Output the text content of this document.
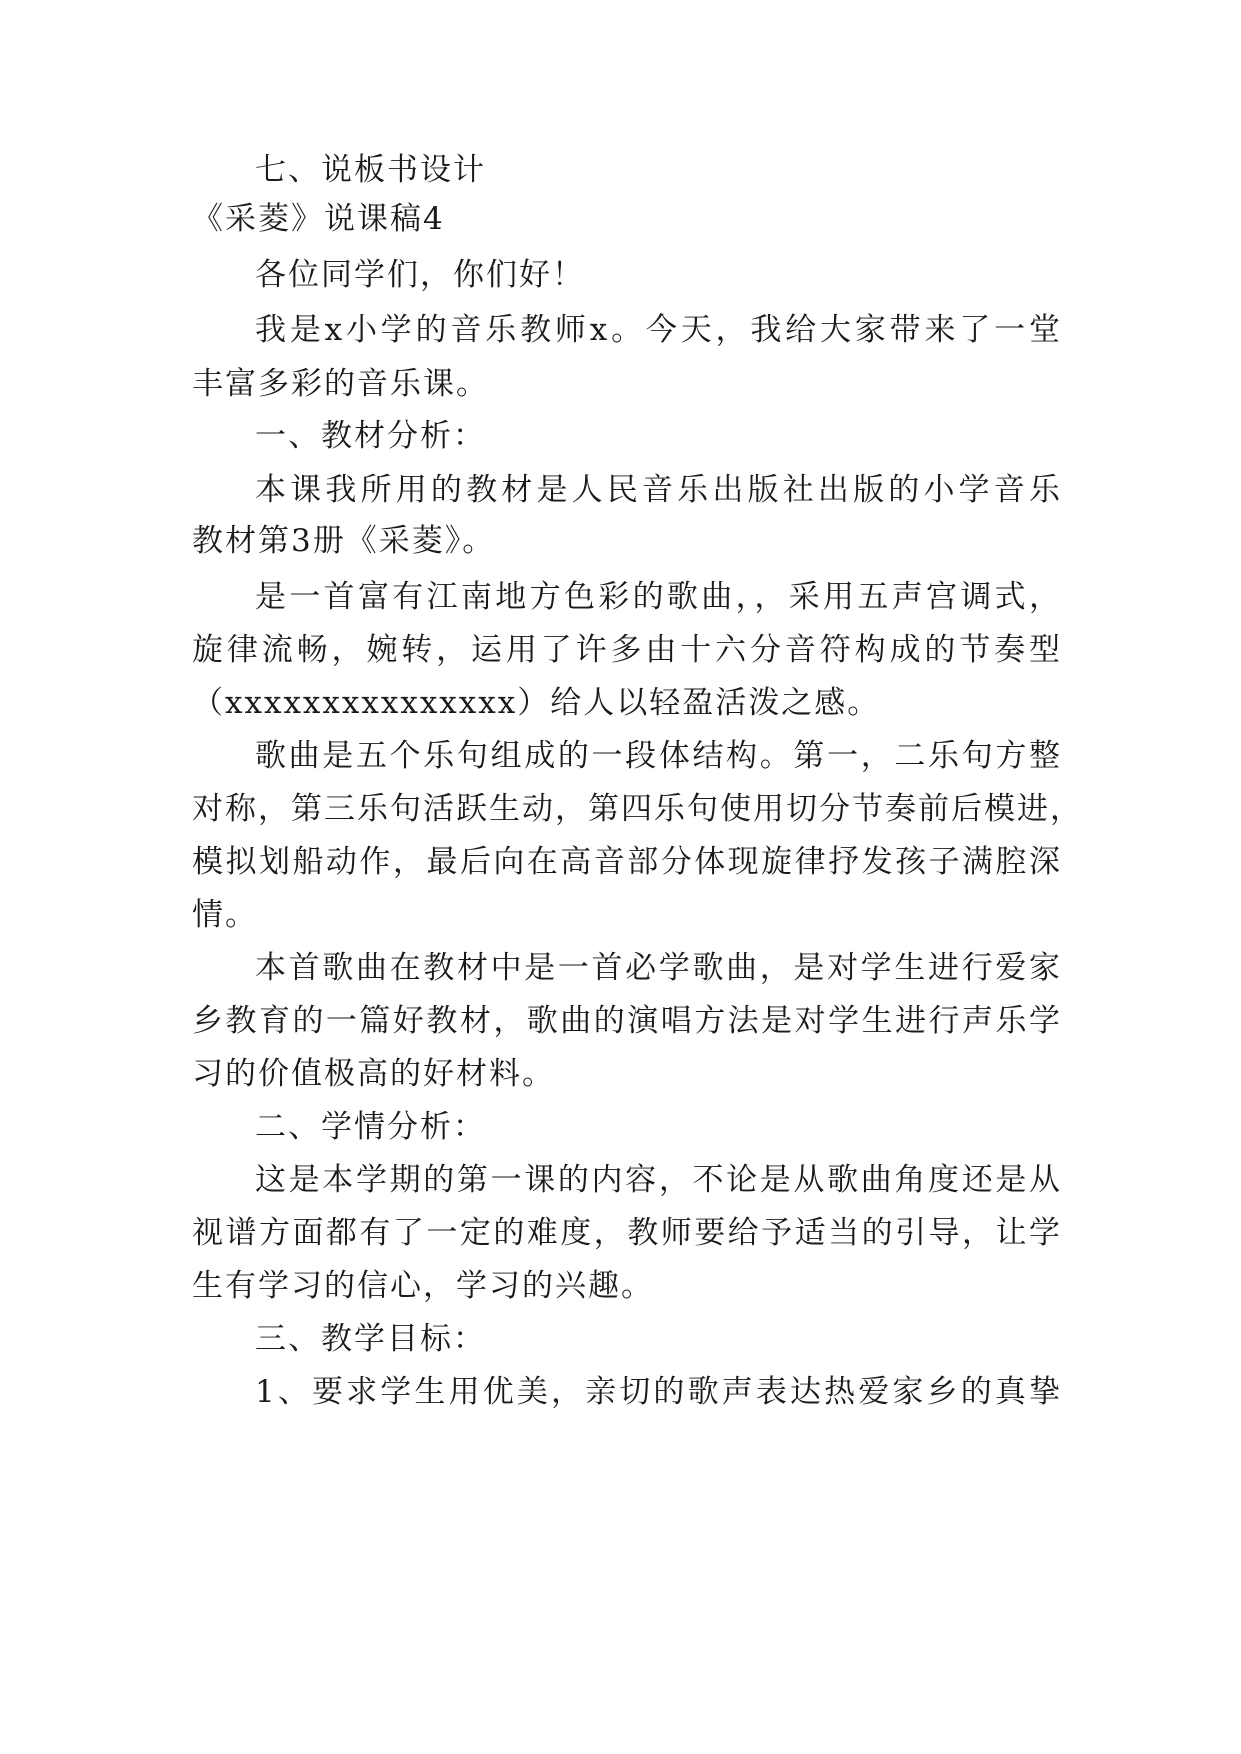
七、说板书设计
《采菱》说课稿4
各位同学们，你们好！
我是x小学的音乐教师x。今天，我给大家带来了一堂
丰富多彩的音乐课。
一、教材分析：
本课我所用的教材是人民音乐出版社出版的小学音乐
教材第3册《采菱》。
是一首富有江南地方色彩的歌曲，，采用五声宫调式，
旋律流畅，婉转，运用了许多由十六分音符构成的节奏型
（xxxxxxxxxxxxxxx）给人以轻盈活泼之感。
歌曲是五个乐句组成的一段体结构。第一，二乐句方整
对称，第三乐句活跃生动，第四乐句使用切分节奏前后模进，
模拟划船动作，最后向在高音部分体现旋律抒发孩子满腔深
情。
本首歌曲在教材中是一首必学歌曲，是对学生进行爱家
乡教育的一篇好教材，歌曲的演唱方法是对学生进行声乐学
习的价值极高的好材料。
二、学情分析：
这是本学期的第一课的内容，不论是从歌曲角度还是从
视谱方面都有了一定的难度，教师要给予适当的引导，让学
生有学习的信心，学习的兴趣。
三、教学目标：
1、要求学生用优美，亲切的歌声表达热爱家乡的真挚
